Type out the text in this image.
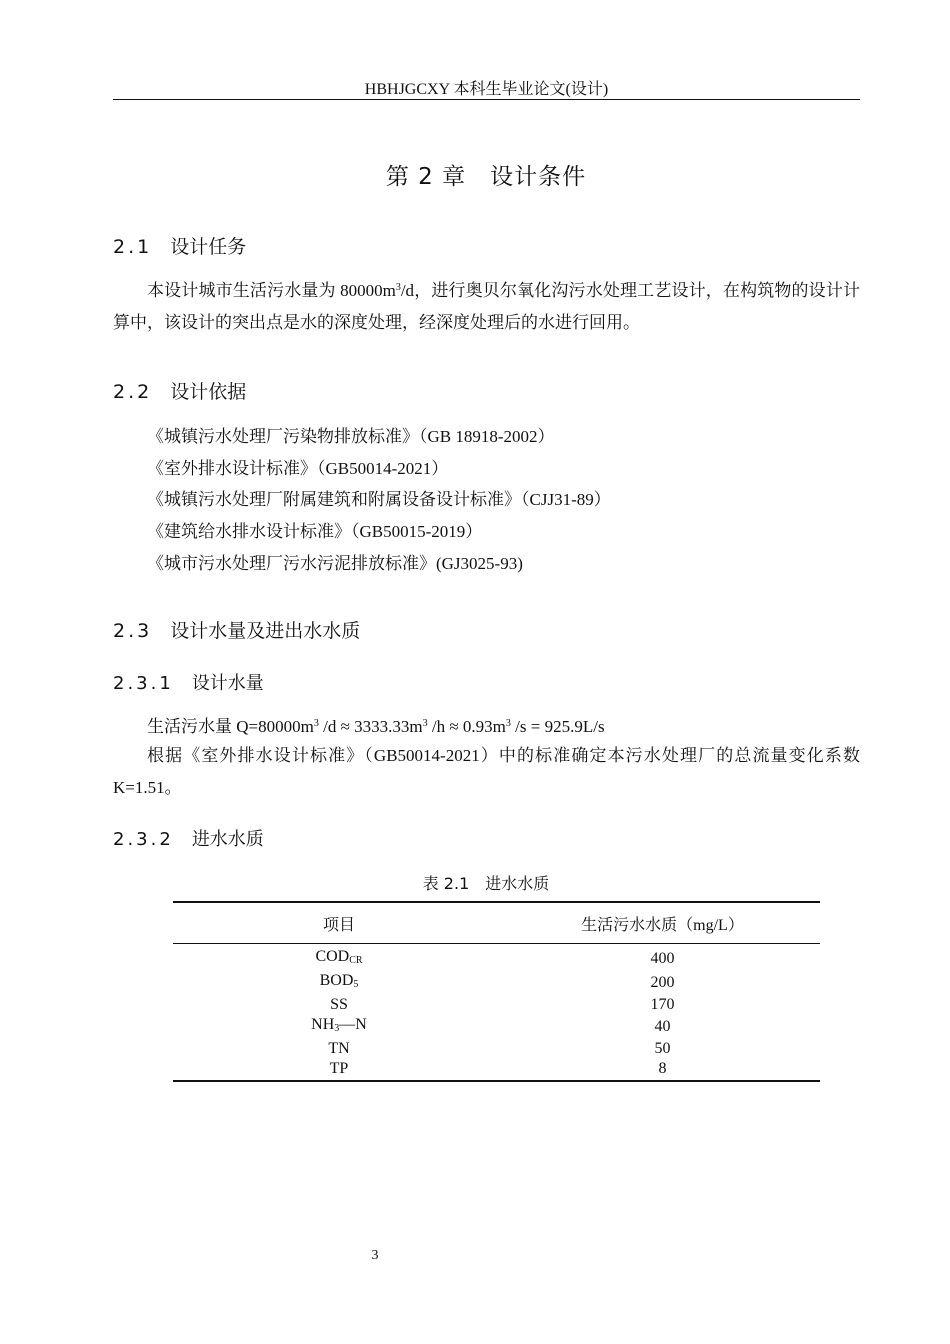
HBHJGCXY 本科生毕业论文(设计)
第 2 章　设计条件
2.1 设计任务
本设计城市生活污水量为 $80000m^3/d$，进行奥贝尔氧化沟污水处理工艺设计，在构筑物的设计计算中，该设计的突出点是水的深度处理，经深度处理后的水进行回用。
2.2 设计依据
《城镇污水处理厂污染物排放标准》（GB 18918-2002）
《室外排水设计标准》（GB50014-2021）
《城镇污水处理厂附属建筑和附属设备设计标准》（CJJ31-89）
《建筑给水排水设计标准》（GB50015-2019）
《城市污水处理厂污水污泥排放标准》(GJ3025-93)
2.3 设计水量及进出水水质
2.3.1 设计水量
生活污水量 $Q=80000m^3$ $/d \approx 3333.33m^3$ $/h \approx 0.93m^3$ /s = 925.9L/s
根据《室外排水设计标准》（GB50014-2021）中的标准确定本污水处理厂的总流量变化系数 K=1.51。
2.3.2 进水水质
表 2.1　进水水质
项目	生活污水水质（mg/L）
$COD_{CR}$	400
$BOD_5$	200
SS	170
$NH_3—N$	40
TN	50
TP	8
3
